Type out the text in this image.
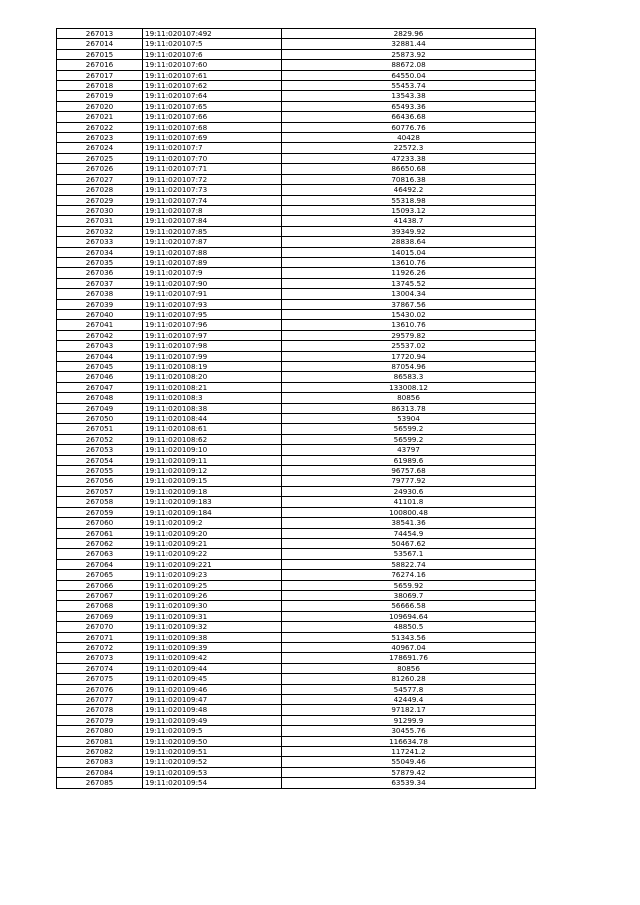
267013	19:11:020107:492	2829.96
267014	19:11:020107:5	32881.44
267015	19:11:020107:6	25873.92
267016	19:11:020107:60	88672.08
267017	19:11:020107:61	64550.04
267018	19:11:020107:62	55453.74
267019	19:11:020107:64	13543.38
267020	19:11:020107:65	65493.36
267021	19:11:020107:66	66436.68
267022	19:11:020107:68	60776.76
267023	19:11:020107:69	40428
267024	19:11:020107:7	22572.3
267025	19:11:020107:70	47233.38
267026	19:11:020107:71	86650.68
267027	19:11:020107:72	70816.38
267028	19:11:020107:73	46492.2
267029	19:11:020107:74	55318.98
267030	19:11:020107:8	15093.12
267031	19:11:020107:84	41438.7
267032	19:11:020107:85	39349.92
267033	19:11:020107:87	28838.64
267034	19:11:020107:88	14015.04
267035	19:11:020107:89	13610.76
267036	19:11:020107:9	11926.26
267037	19:11:020107:90	13745.52
267038	19:11:020107:91	13004.34
267039	19:11:020107:93	37867.56
267040	19:11:020107:95	15430.02
267041	19:11:020107:96	13610.76
267042	19:11:020107:97	29579.82
267043	19:11:020107:98	25537.02
267044	19:11:020107:99	17720.94
267045	19:11:020108:19	87054.96
267046	19:11:020108:20	86583.3
267047	19:11:020108:21	133008.12
267048	19:11:020108:3	80856
267049	19:11:020108:38	86313.78
267050	19:11:020108:44	53904
267051	19:11:020108:61	56599.2
267052	19:11:020108:62	56599.2
267053	19:11:020109:10	43797
267054	19:11:020109:11	61989.6
267055	19:11:020109:12	96757.68
267056	19:11:020109:15	79777.92
267057	19:11:020109:18	24930.6
267058	19:11:020109:183	41101.8
267059	19:11:020109:184	100800.48
267060	19:11:020109:2	38541.36
267061	19:11:020109:20	74454.9
267062	19:11:020109:21	50467.62
267063	19:11:020109:22	53567.1
267064	19:11:020109:221	58822.74
267065	19:11:020109:23	76274.16
267066	19:11:020109:25	5659.92
267067	19:11:020109:26	38069.7
267068	19:11:020109:30	56666.58
267069	19:11:020109:31	109694.64
267070	19:11:020109:32	48850.5
267071	19:11:020109:38	51343.56
267072	19:11:020109:39	40967.04
267073	19:11:020109:42	178691.76
267074	19:11:020109:44	80856
267075	19:11:020109:45	81260.28
267076	19:11:020109:46	54577.8
267077	19:11:020109:47	42449.4
267078	19:11:020109:48	97182.17
267079	19:11:020109:49	91299.9
267080	19:11:020109:5	30455.76
267081	19:11:020109:50	116634.78
267082	19:11:020109:51	117241.2
267083	19:11:020109:52	55049.46
267084	19:11:020109:53	57879.42
267085	19:11:020109:54	63539.34
